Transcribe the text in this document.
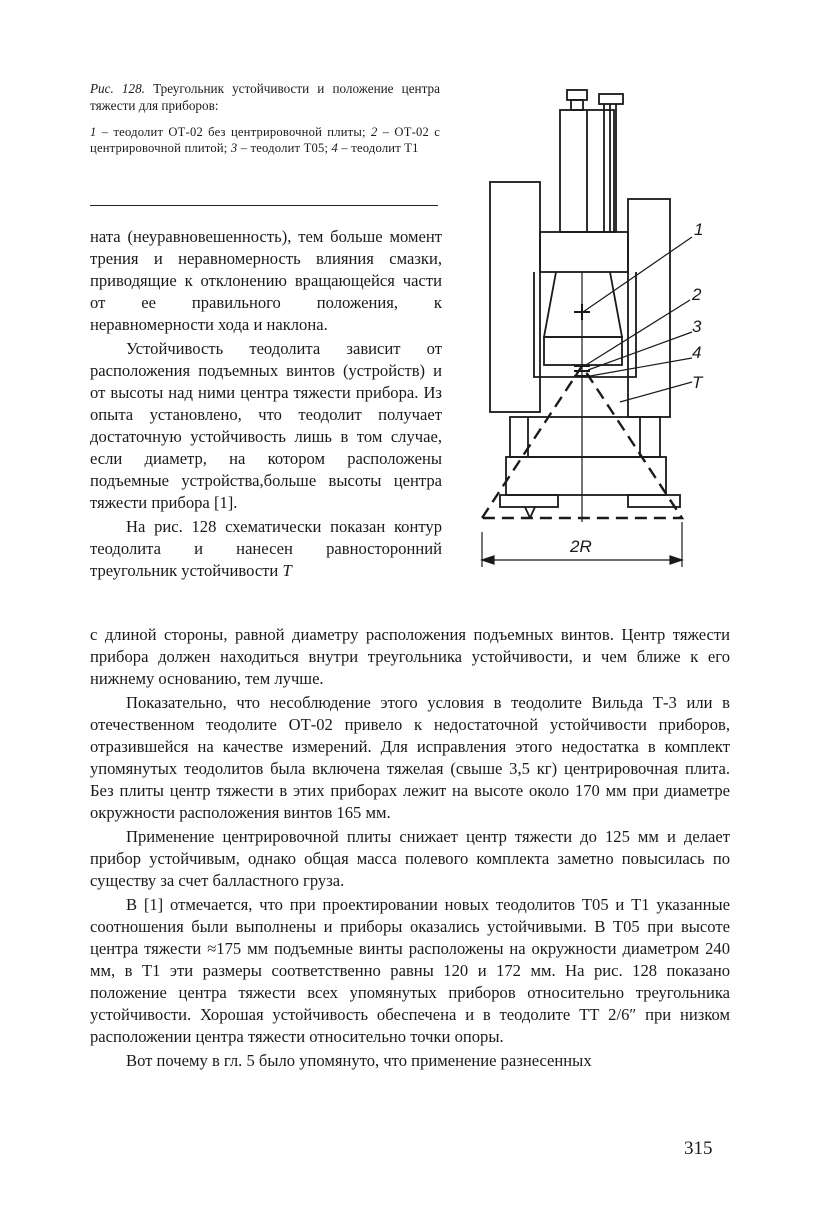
Рис. 128. Треугольник устойчивости и положение центра тяжести для приборов:

1 – теодолит ОТ-02 без центрировочной плиты; 2 – ОТ-02 с центрировочной плитой; 3 – теодолит Т05; 4 – теодолит Т1

ната (неуравновешенность), тем больше момент трения и неравномерность влияния смазки, приводящие к отклонению вращающейся части от ее правильного положения, к неравномерности хода и наклона.

Устойчивость теодолита зависит от расположения подъемных винтов (устройств) и от высоты над ними центра тяжести прибора. Из опыта установлено, что теодолит получает достаточную устойчивость лишь в том случае, если диаметр, на котором расположены подъемные устройства,больше высоты центра тяжести прибора [1].

На рис. 128 схематически показан контур теодолита и нанесен равносторонний треугольник устойчивости T

с длиной стороны, равной диаметру расположения подъемных винтов. Центр тяжести прибора должен находиться внутри треугольника устойчивости, и чем ближе к его нижнему основанию, тем лучше.

Показательно, что несоблюдение этого условия в теодолите Вильда Т-3 или в отечественном теодолите ОТ-02 привело к недостаточной устойчивости приборов, отразившейся на качестве измерений. Для исправления этого недостатка в комплект упомянутых теодолитов была включена тяжелая (свыше 3,5 кг) центрировочная плита. Без плиты центр тяжести в этих приборах лежит на высоте около 170 мм при диаметре окружности расположения винтов 165 мм.

Применение центрировочной плиты снижает центр тяжести до 125 мм и делает прибор устойчивым, однако общая масса полевого комплекта заметно повысилась по существу за счет балластного груза.

В [1] отмечается, что при проектировании новых теодолитов Т05 и Т1 указанные соотношения были выполнены и приборы оказались устойчивыми. В Т05 при высоте центра тяжести ≈175 мм подъемные винты расположены на окружности диаметром 240 мм, в Т1 эти размеры соответственно равны 120 и 172 мм. На рис. 128 показано положение центра тяжести всех упомянутых приборов относительно треугольника устойчивости. Хорошая устойчивость обеспечена и в теодолите ТТ 2/6″ при низком расположении центра тяжести относительно точки опоры.

Вот почему в гл. 5 было упомянуто, что применение разнесенных

1
2
3
4
T
2R
315
